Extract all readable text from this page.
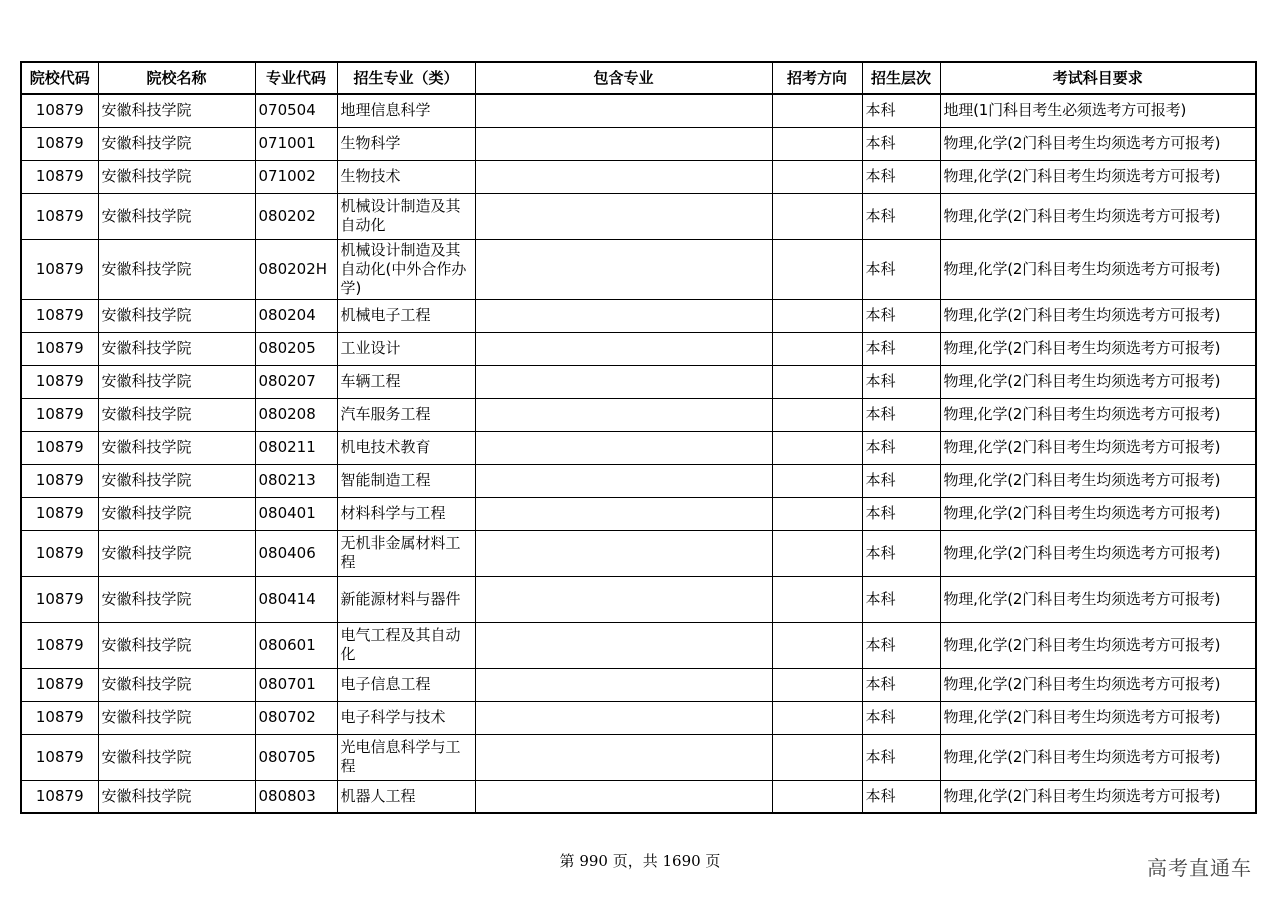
院校代码	院校名称	专业代码	招生专业（类）	包含专业	招考方向	招生层次	考试科目要求
10879	安徽科技学院	070504	地理信息科学			本科	地理(1门科目考生必须选考方可报考)
10879	安徽科技学院	071001	生物科学			本科	物理,化学(2门科目考生均须选考方可报考)
10879	安徽科技学院	071002	生物技术			本科	物理,化学(2门科目考生均须选考方可报考)
10879	安徽科技学院	080202	机械设计制造及其自动化			本科	物理,化学(2门科目考生均须选考方可报考)
10879	安徽科技学院	080202H	机械设计制造及其自动化(中外合作办学)			本科	物理,化学(2门科目考生均须选考方可报考)
10879	安徽科技学院	080204	机械电子工程			本科	物理,化学(2门科目考生均须选考方可报考)
10879	安徽科技学院	080205	工业设计			本科	物理,化学(2门科目考生均须选考方可报考)
10879	安徽科技学院	080207	车辆工程			本科	物理,化学(2门科目考生均须选考方可报考)
10879	安徽科技学院	080208	汽车服务工程			本科	物理,化学(2门科目考生均须选考方可报考)
10879	安徽科技学院	080211	机电技术教育			本科	物理,化学(2门科目考生均须选考方可报考)
10879	安徽科技学院	080213	智能制造工程			本科	物理,化学(2门科目考生均须选考方可报考)
10879	安徽科技学院	080401	材料科学与工程			本科	物理,化学(2门科目考生均须选考方可报考)
10879	安徽科技学院	080406	无机非金属材料工程			本科	物理,化学(2门科目考生均须选考方可报考)
10879	安徽科技学院	080414	新能源材料与器件			本科	物理,化学(2门科目考生均须选考方可报考)
10879	安徽科技学院	080601	电气工程及其自动化			本科	物理,化学(2门科目考生均须选考方可报考)
10879	安徽科技学院	080701	电子信息工程			本科	物理,化学(2门科目考生均须选考方可报考)
10879	安徽科技学院	080702	电子科学与技术			本科	物理,化学(2门科目考生均须选考方可报考)
10879	安徽科技学院	080705	光电信息科学与工程			本科	物理,化学(2门科目考生均须选考方可报考)
10879	安徽科技学院	080803	机器人工程			本科	物理,化学(2门科目考生均须选考方可报考)
第 990 页，共 1690 页	高考直通车
